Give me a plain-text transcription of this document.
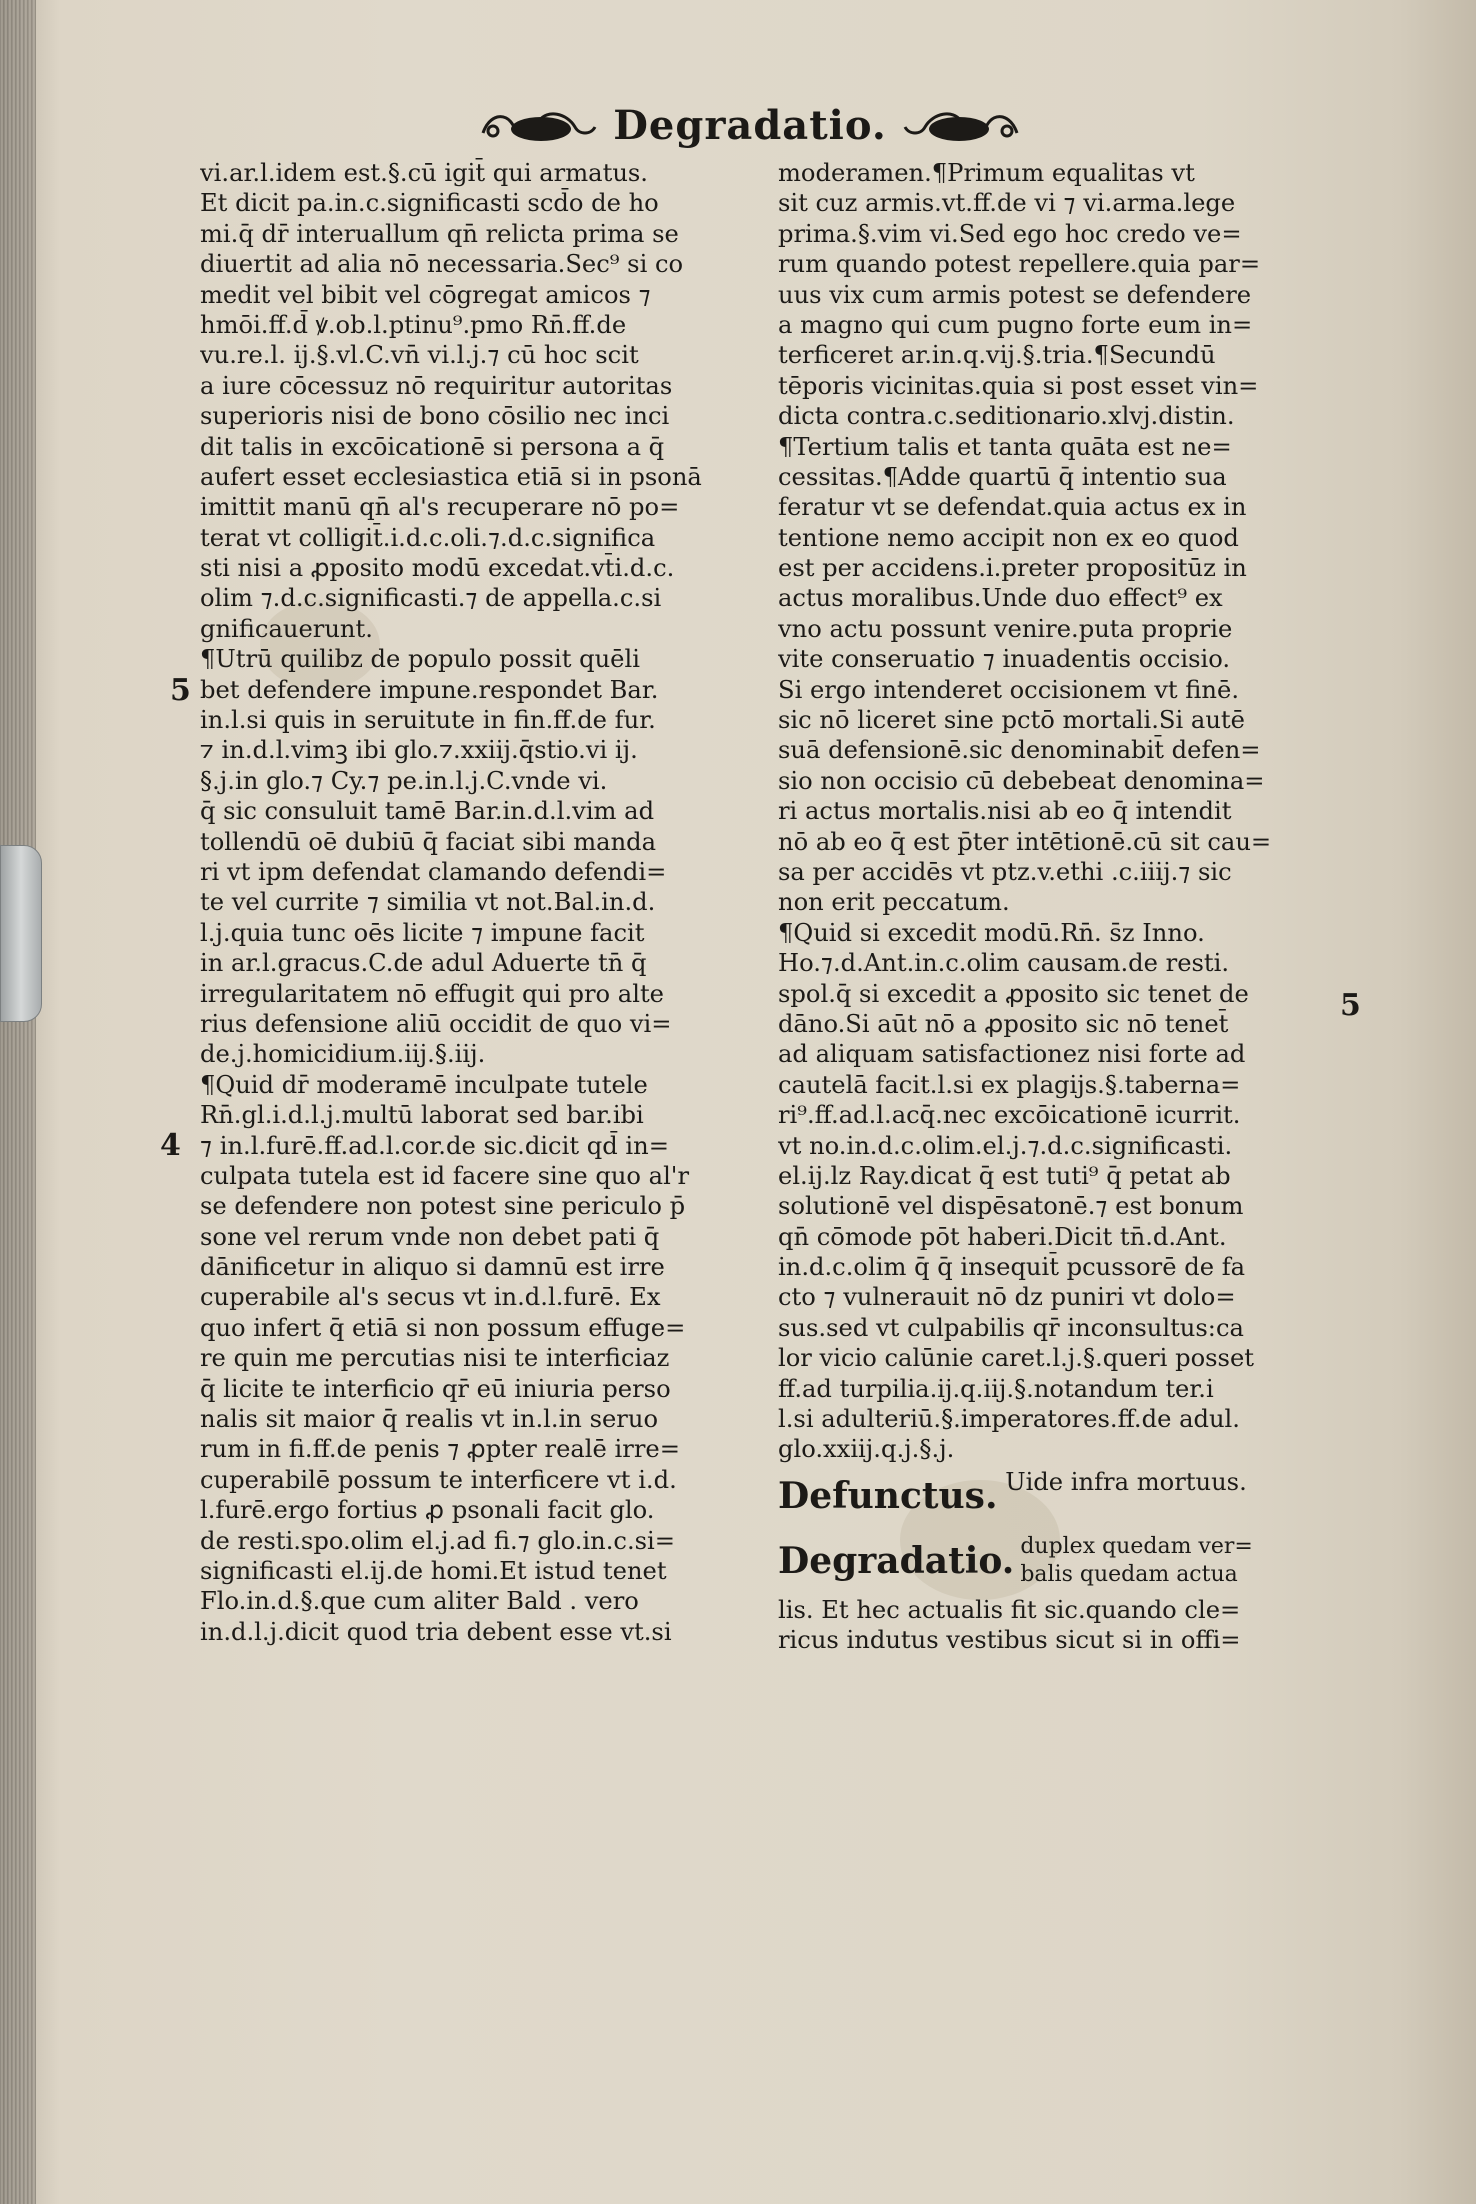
Degradatio.
5
4
5
vi.ar.l.idem est.§.cū igit̄ qui armatus.
Et dicit pa.in.c.significasti scd̄o de ho
mi.q̄ dr̄ interuallum qn̄ relicta prima se
diuertit ad alia nō necessaria.Sec⁹ si co
medit vel bibit vel cōgregat amicos ⁊
hmōi.ff.d̄ ꝟ.ob.l.ptinu⁹.pmo Rn̄.ff.de
vu.re.l. ij.§.vl.C.vn̄ vi.l.j.⁊ cū hoc scit
a iure cōcessuz nō requiritur autoritas
superioris nisi de bono cōsilio nec inci
dit talis in excōicationē si persona a q̄
aufert esset ecclesiastica etiā si in psonā
imittit manū qn̄ al's recuperare nō po=
terat vt colligit̄.i.d.c.oli.⁊.d.c.significa
sti nisi a ꝓposito modū excedat.vt̄i.d.c.
olim ⁊.d.c.significasti.⁊ de appella.c.si
gnificauerunt.
¶Utrū quilibz de populo possit quēli
bet defendere impune.respondet Bar.
in.l.si quis in seruitute in fin.ff.de fur.
⁊ in.d.l.vimꝫ ibi glo.⁊.xxiij.q̄stio.vi ij.
§.j.in glo.⁊ Cy.⁊ pe.in.l.j.C.vnde vi.
q̄ sic consuluit tamē Bar.in.d.l.vim ad
tollendū oē dubiū q̄ faciat sibi manda
ri vt ipm defendat clamando defendi=
te vel currite ⁊ similia vt not.Bal.in.d.
l.j.quia tunc oēs licite ⁊ impune facit
in ar.l.gracus.C.de adul Aduerte tn̄ q̄
irregularitatem nō effugit qui pro alte
rius defensione aliū occidit de quo vi=
de.j.homicidium.iij.§.iij.
¶Quid dr̄ moderamē inculpate tutele
Rn̄.gl.i.d.l.j.multū laborat sed bar.ibi
⁊ in.l.furē.ff.ad.l.cor.de sic.dicit qd̄ in=
culpata tutela est id facere sine quo al'r
se defendere non potest sine periculo p̄
sone vel rerum vnde non debet pati q̄
dānificetur in aliquo si damnū est irre
cuperabile al's secus vt in.d.l.furē. Ex
quo infert q̄ etiā si non possum effuge=
re quin me percutias nisi te interficiaz
q̄ licite te interficio qr̄ eū iniuria perso
nalis sit maior q̄ realis vt in.l.in seruo
rum in fi.ff.de penis ⁊ ꝓpter realē irre=
cuperabilē possum te interficere vt i.d.
l.furē.ergo fortius ꝓ psonali facit glo.
de resti.spo.olim el.j.ad fi.⁊ glo.in.c.si=
significasti el.ij.de homi.Et istud tenet
Flo.in.d.§.que cum aliter Bald . vero
in.d.l.j.dicit quod tria debent esse vt.si
moderamen.¶Primum equalitas vt
sit cuz armis.vt.ff.de vi ⁊ vi.arma.lege
prima.§.vim vi.Sed ego hoc credo ve=
rum quando potest repellere.quia par=
uus vix cum armis potest se defendere
a magno qui cum pugno forte eum in=
terficeret ar.in.q.vij.§.tria.¶Secundū
tēporis vicinitas.quia si post esset vin=
dicta contra.c.seditionario.xlvj.distin.
¶Tertium talis et tanta quāta est ne=
cessitas.¶Adde quartū q̄ intentio sua
feratur vt se defendat.quia actus ex in
tentione nemo accipit non ex eo quod
est per accidens.i.preter propositūz in
actus moralibus.Unde duo effect⁹ ex
vno actu possunt venire.puta proprie
vite conseruatio ⁊ inuadentis occisio.
Si ergo intenderet occisionem vt finē.
sic nō liceret sine pctō mortali.Si autē
suā defensionē.sic denominabit̄ defen=
sio non occisio cū debebeat denomina=
ri actus mortalis.nisi ab eo q̄ intendit
nō ab eo q̄ est p̄ter intētionē.cū sit cau=
sa per accidēs vt ptz.v.ethi .c.iiij.⁊ sic
non erit peccatum.
¶Quid si excedit modū.Rn̄. s̄z Inno.
Ho.⁊.d.Ant.in.c.olim causam.de resti.
spol.q̄ si excedit a ꝓposito sic tenet de
dāno.Si aūt nō a ꝓposito sic nō tenet̄
ad aliquam satisfactionez nisi forte ad
cautelā facit.l.si ex plagijs.§.taberna=
ri⁹.ff.ad.l.acq̄.nec excōicationē icurrit.
vt no.in.d.c.olim.el.j.⁊.d.c.significasti.
el.ij.lz Ray.dicat q̄ est tuti⁹ q̄ petat ab
solutionē vel dispēsatonē.⁊ est bonum
qn̄ cōmode pōt haberi.Dicit tn̄.d.Ant.
in.d.c.olim q̄ q̄ insequit̄ pcussorē de fa
cto ⁊ vulnerauit nō dz puniri vt dolo=
sus.sed vt culpabilis qr̄ inconsultus:ca
lor vicio calūnie caret.l.j.§.queri posset
ff.ad turpilia.ij.q.iij.§.notandum ter.i
l.si adulteriū.§.imperatores.ff.de adul.
glo.xxiij.q.j.§.j.
Defunctus. Uide infra mortuus.
Degradatio. duplex quedam ver=
balis quedam actua
lis. Et hec actualis fit sic.quando cle=
ricus indutus vestibus sicut si in offi=
